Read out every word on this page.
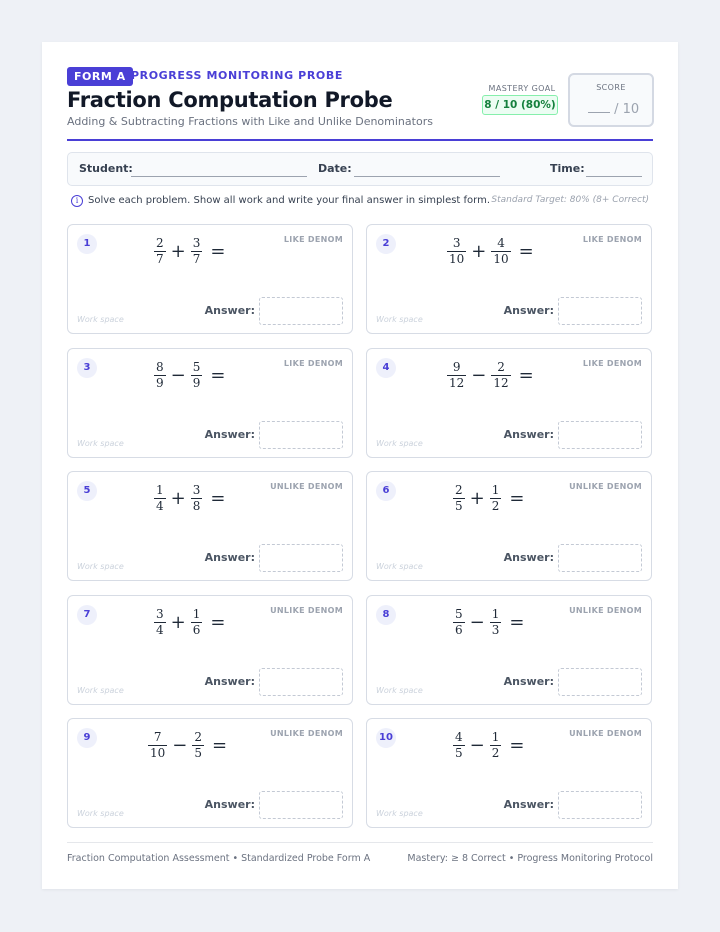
FORM A PROGRESS MONITORING PROBE
Fraction Computation Probe
Adding & Subtracting Fractions with Like and Unlike Denominators
MASTERY GOAL
8 / 10 (80%)
SCORE
/ 10
Student:	Date:	Time:
i Solve each problem. Show all work and write your final answer in simplest form. Standard Target: 80% (8+ Correct)
1	LIKE DENOM
$\frac{2}{7} + \frac{3}{7}$ =
Work space
Answer:
2	LIKE DENOM
$\frac{3}{10} + \frac{4}{10}$ =
Work space
Answer:
3	LIKE DENOM
$\frac{8}{9} - \frac{5}{9}$ =
Work space
Answer:
4	LIKE DENOM
$\frac{9}{12} - \frac{2}{12}$ =
Work space
Answer:
5	UNLIKE DENOM
$\frac{1}{4} + \frac{3}{8}$ =
Work space
Answer:
6	UNLIKE DENOM
$\frac{2}{5} + \frac{1}{2}$ =
Work space
Answer:
7	UNLIKE DENOM
$\frac{3}{4} + \frac{1}{6}$ =
Work space
Answer:
8	UNLIKE DENOM
$\frac{5}{6} - \frac{1}{3}$ =
Work space
Answer:
9	UNLIKE DENOM
$\frac{7}{10} - \frac{2}{5}$ =
Work space
Answer:
10	UNLIKE DENOM
$\frac{4}{5} - \frac{1}{2}$ =
Work space
Answer:
Fraction Computation Assessment • Standardized Probe Form A	Mastery: ≥ 8 Correct • Progress Monitoring Protocol
